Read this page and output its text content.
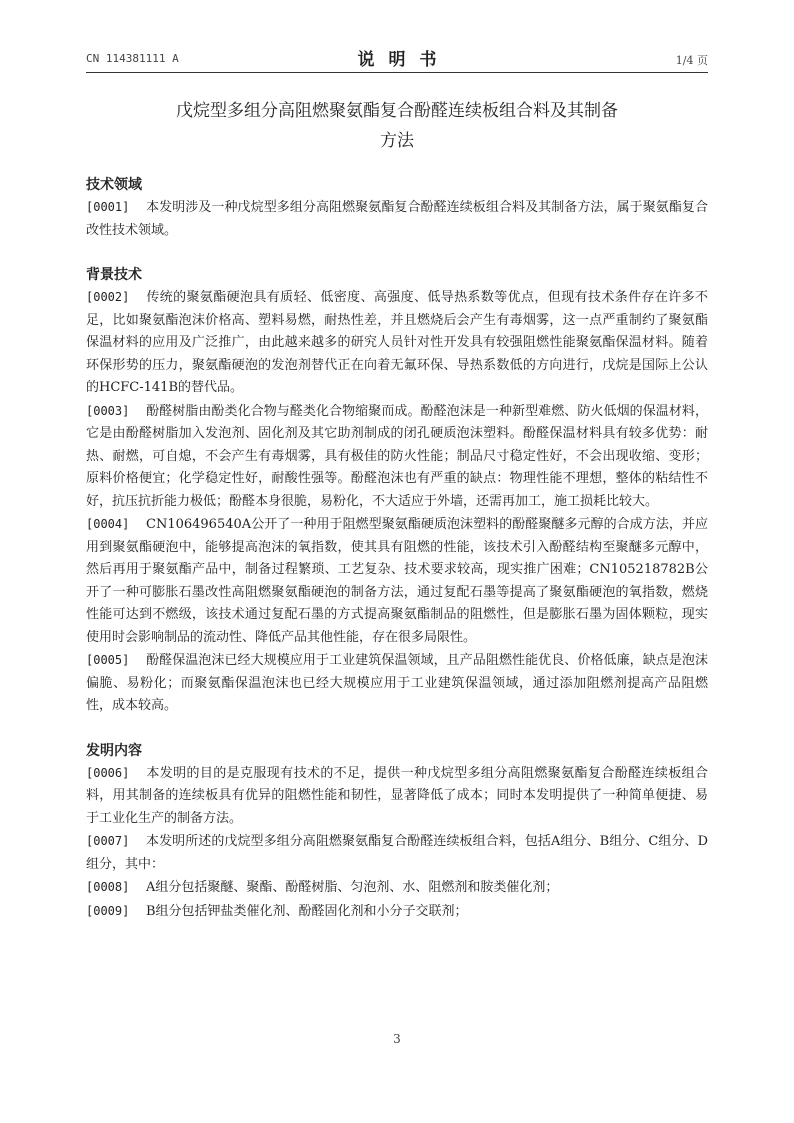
CN 114381111 A	说明书	1/4 页
戊烷型多组分高阻燃聚氨酯复合酚醛连续板组合料及其制备
方法
技术领域

[0001] 本发明涉及一种戊烷型多组分高阻燃聚氨酯复合酚醛连续板组合料及其制备方法，属于聚氨酯复合改性技术领域。

背景技术

[0002] 传统的聚氨酯硬泡具有质轻、低密度、高强度、低导热系数等优点，但现有技术条件存在许多不足，比如聚氨酯泡沫价格高、塑料易燃，耐热性差，并且燃烧后会产生有毒烟雾，这一点严重制约了聚氨酯保温材料的应用及广泛推广，由此越来越多的研究人员针对性开发具有较强阻燃性能聚氨酯保温材料。随着环保形势的压力，聚氨酯硬泡的发泡剂替代正在向着无氟环保、导热系数低的方向进行，戊烷是国际上公认的HCFC-141B的替代品。

[0003] 酚醛树脂由酚类化合物与醛类化合物缩聚而成。酚醛泡沫是一种新型难燃、防火低烟的保温材料，它是由酚醛树脂加入发泡剂、固化剂及其它助剂制成的闭孔硬质泡沫塑料。酚醛保温材料具有较多优势：耐热、耐燃，可自熄，不会产生有毒烟雾，具有极佳的防火性能；制品尺寸稳定性好，不会出现收缩、变形；原料价格便宜；化学稳定性好，耐酸性强等。酚醛泡沫也有严重的缺点：物理性能不理想，整体的粘结性不好，抗压抗折能力极低；酚醛本身很脆，易粉化，不大适应于外墙，还需再加工，施工损耗比较大。

[0004] CN106496540A公开了一种用于阻燃型聚氨酯硬质泡沫塑料的酚醛聚醚多元醇的合成方法，并应用到聚氨酯硬泡中，能够提高泡沫的氧指数，使其具有阻燃的性能，该技术引入酚醛结构至聚醚多元醇中，然后再用于聚氨酯产品中，制备过程繁琐、工艺复杂、技术要求较高，现实推广困难；CN105218782B公开了一种可膨胀石墨改性高阻燃聚氨酯硬泡的制备方法，通过复配石墨等提高了聚氨酯硬泡的氧指数，燃烧性能可达到不燃级，该技术通过复配石墨的方式提高聚氨酯制品的阻燃性，但是膨胀石墨为固体颗粒，现实使用时会影响制品的流动性、降低产品其他性能，存在很多局限性。

[0005] 酚醛保温泡沫已经大规模应用于工业建筑保温领域，且产品阻燃性能优良、价格低廉，缺点是泡沫偏脆、易粉化；而聚氨酯保温泡沫也已经大规模应用于工业建筑保温领域，通过添加阻燃剂提高产品阻燃性，成本较高。

发明内容

[0006] 本发明的目的是克服现有技术的不足，提供一种戊烷型多组分高阻燃聚氨酯复合酚醛连续板组合料，用其制备的连续板具有优异的阻燃性能和韧性，显著降低了成本；同时本发明提供了一种简单便捷、易于工业化生产的制备方法。

[0007] 本发明所述的戊烷型多组分高阻燃聚氨酯复合酚醛连续板组合料，包括A组分、B组分、C组分、D组分，其中：

[0008] A组分包括聚醚、聚酯、酚醛树脂、匀泡剂、水、阻燃剂和胺类催化剂；

[0009] B组分包括钾盐类催化剂、酚醛固化剂和小分子交联剂；

3
